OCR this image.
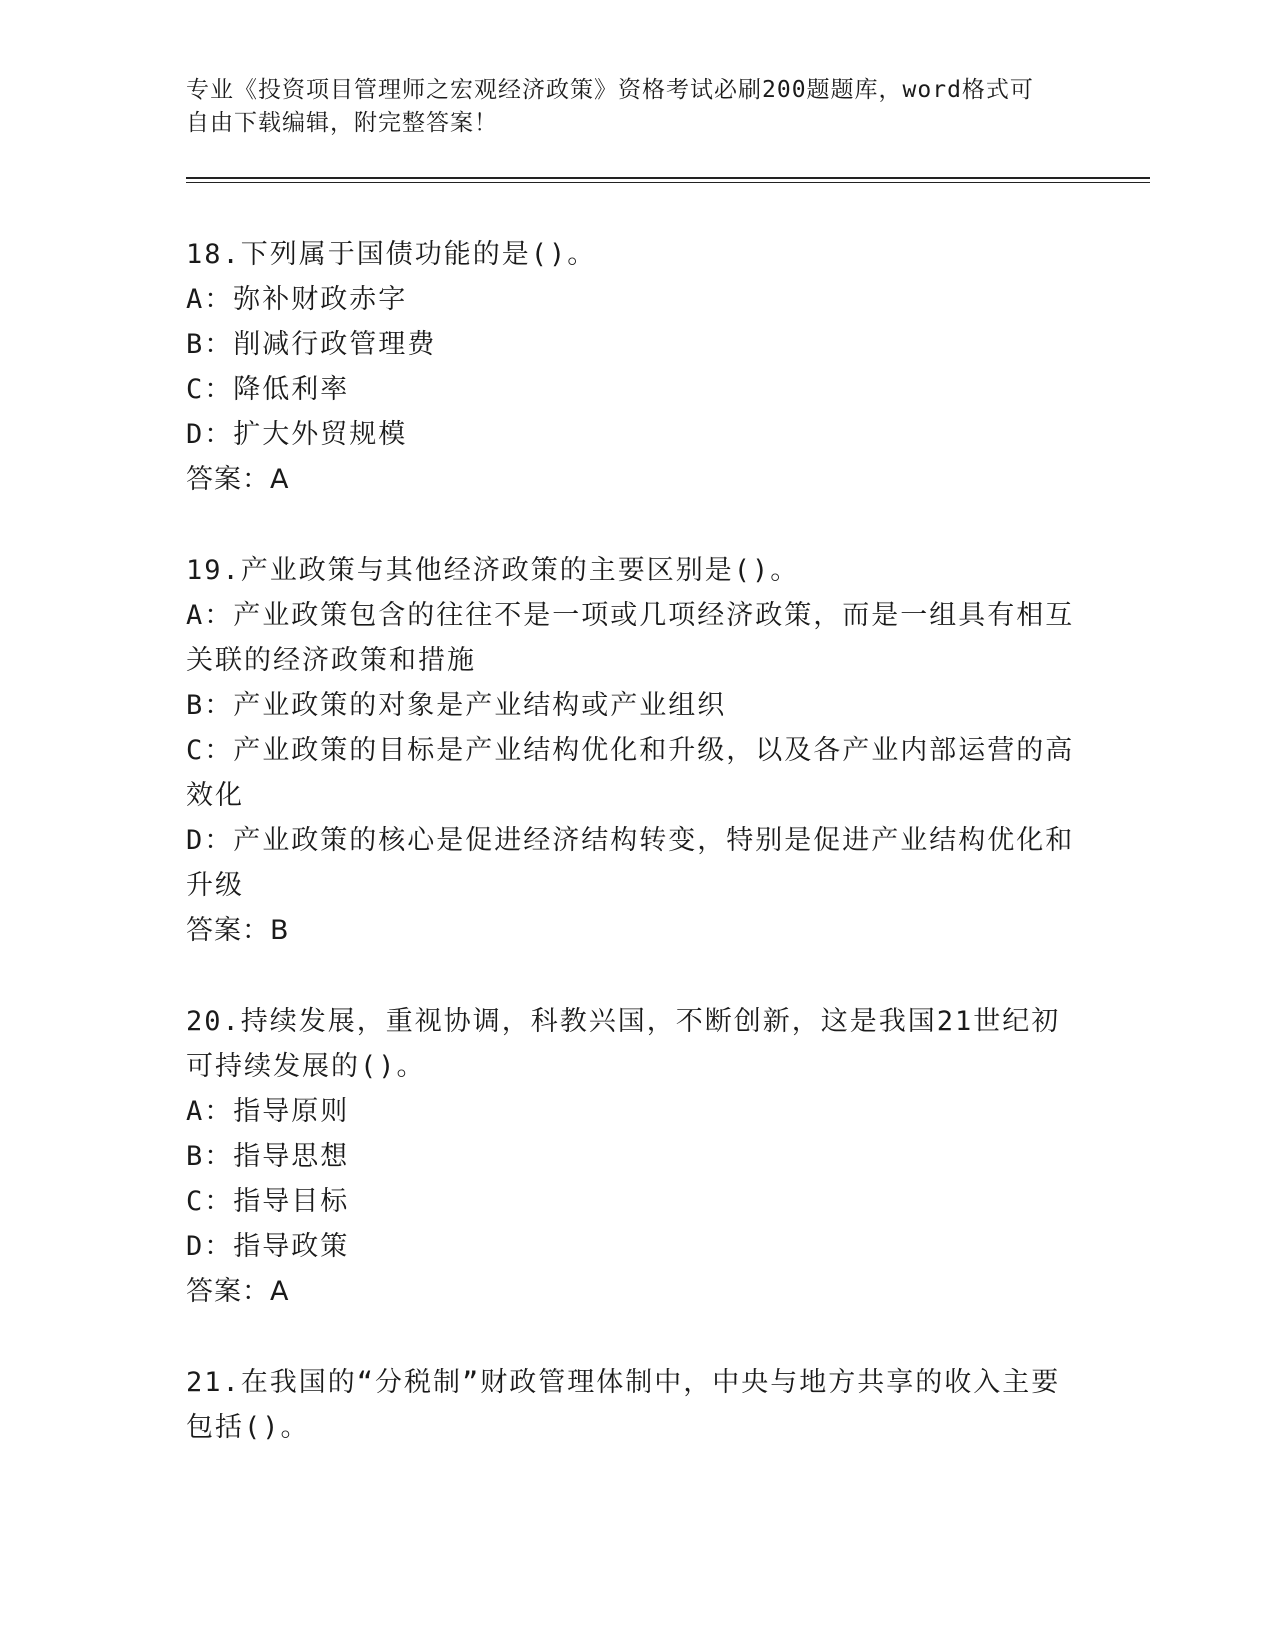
专业《投资项目管理师之宏观经济政策》资格考试必刷200题题库，word格式可
自由下载编辑，附完整答案！
18.下列属于国债功能的是()。
A：弥补财政赤字
B：削减行政管理费
C：降低利率
D：扩大外贸规模
答案：A
19.产业政策与其他经济政策的主要区别是()。
A：产业政策包含的往往不是一项或几项经济政策，而是一组具有相互
关联的经济政策和措施
B：产业政策的对象是产业结构或产业组织
C：产业政策的目标是产业结构优化和升级，以及各产业内部运营的高
效化
D：产业政策的核心是促进经济结构转变，特别是促进产业结构优化和
升级
答案：B
20.持续发展，重视协调，科教兴国，不断创新，这是我国21世纪初
可持续发展的()。
A：指导原则
B：指导思想
C：指导目标
D：指导政策
答案：A
21.在我国的“分税制”财政管理体制中，中央与地方共享的收入主要
包括()。
